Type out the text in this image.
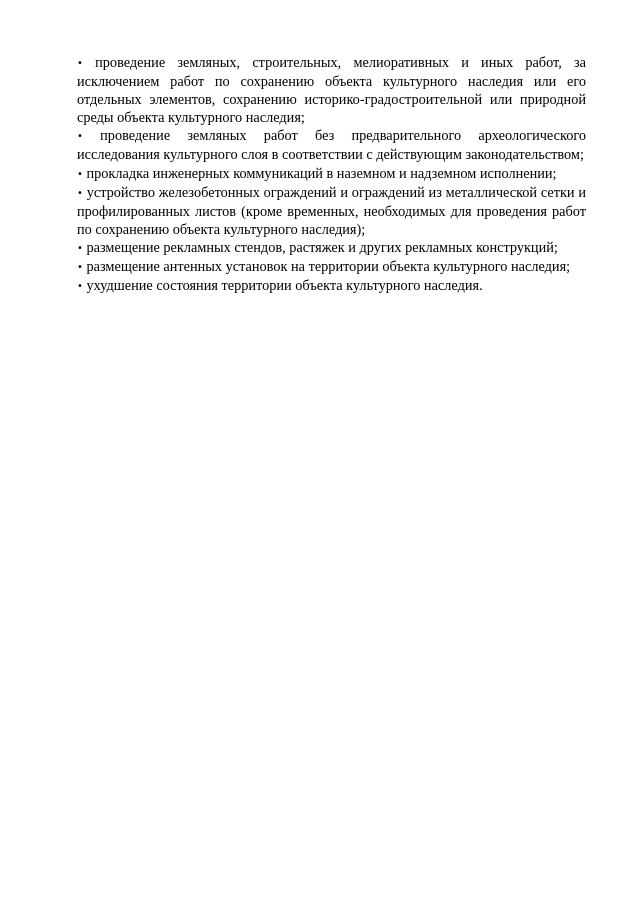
• проведение земляных, строительных, мелиоративных и иных работ, за исключением работ по сохранению объекта культурного наследия или его отдельных элементов, сохранению историко-градостроительной или природной среды объекта культурного наследия;
• проведение земляных работ без предварительного археологического исследования культурного слоя в соответствии с действующим законодательством;
• прокладка инженерных коммуникаций в наземном и надземном исполнении;
• устройство железобетонных ограждений и ограждений из металлической сетки и профилированных листов (кроме временных, необходимых для проведения работ по сохранению объекта культурного наследия);
• размещение рекламных стендов, растяжек и других рекламных конструкций;
• размещение антенных установок на территории объекта культурного наследия;
• ухудшение состояния территории объекта культурного наследия.
